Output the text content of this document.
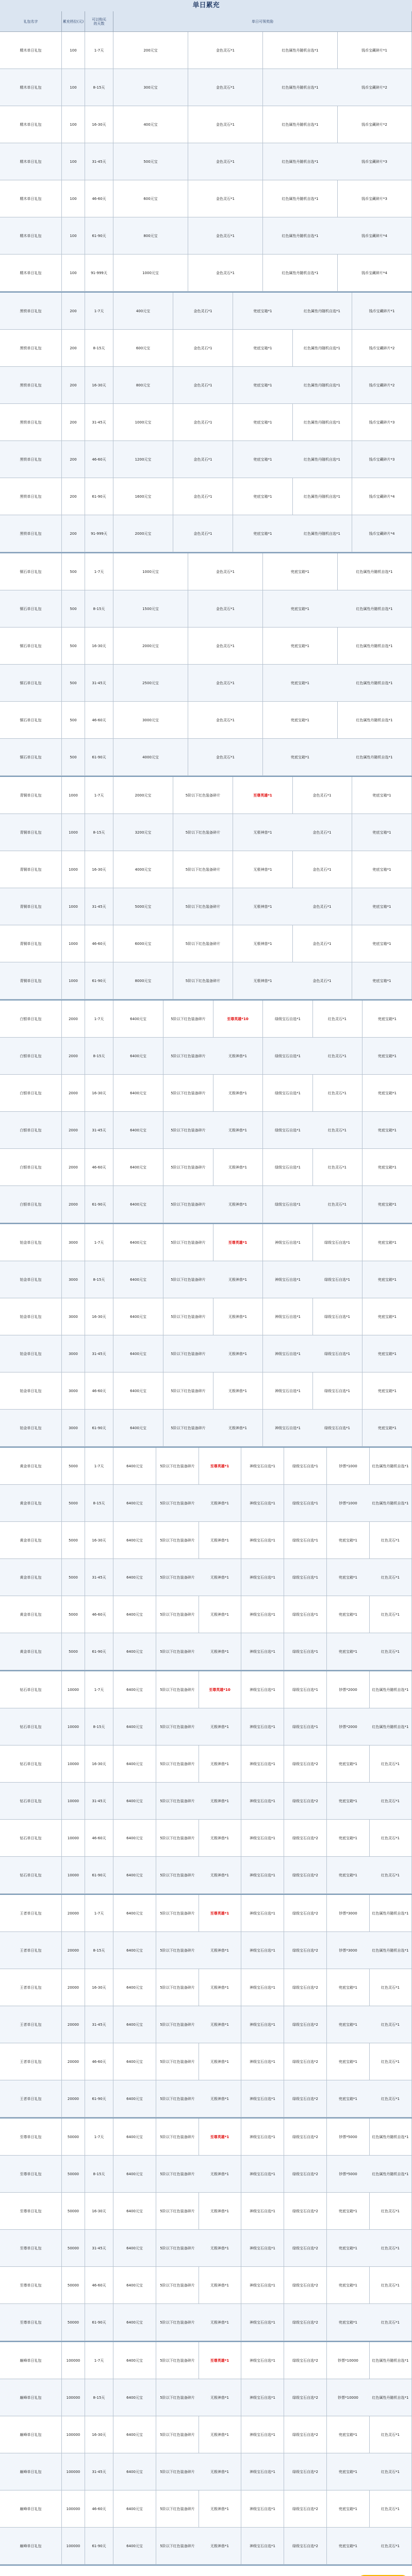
单日累充
礼包名字	累充档位(元)	可以购买
的天数	单日可领奖励
精木单日礼包	100	1-7天	200元宝	金色灵石*1	红色属性丹随机自选*1	钱币宝藏碎片*1
精木单日礼包	100	8-15天	300元宝	金色灵石*1	红色属性丹随机自选*1	钱币宝藏碎片*2
精木单日礼包	100	16-30天	400元宝	金色灵石*1	红色属性丹随机自选*1	钱币宝藏碎片*2
精木单日礼包	100	31-45天	500元宝	金色灵石*1	红色属性丹随机自选*1	钱币宝藏碎片*3
精木单日礼包	100	46-60天	600元宝	金色灵石*1	红色属性丹随机自选*1	钱币宝藏碎片*3
精木单日礼包	100	61-90天	800元宝	金色灵石*1	红色属性丹随机自选*1	钱币宝藏碎片*4
精木单日礼包	100	91-999天	1000元宝	金色灵石*1	红色属性丹随机自选*1	钱币宝藏碎片*4
黑铁单日礼包	200	1-7天	400元宝	金色灵石*1	兜底宝箱*1	红色属性丹随机自选*1	钱币宝藏碎片*1
黑铁单日礼包	200	8-15天	600元宝	金色灵石*1	兜底宝箱*1	红色属性丹随机自选*1	钱币宝藏碎片*2
黑铁单日礼包	200	16-30天	800元宝	金色灵石*1	兜底宝箱*1	红色属性丹随机自选*1	钱币宝藏碎片*2
黑铁单日礼包	200	31-45天	1000元宝	金色灵石*1	兜底宝箱*1	红色属性丹随机自选*1	钱币宝藏碎片*3
黑铁单日礼包	200	46-60天	1200元宝	金色灵石*1	兜底宝箱*1	红色属性丹随机自选*1	钱币宝藏碎片*3
黑铁单日礼包	200	61-90天	1600元宝	金色灵石*1	兜底宝箱*1	红色属性丹随机自选*1	钱币宝藏碎片*4
黑铁单日礼包	200	91-999天	2000元宝	金色灵石*1	兜底宝箱*1	红色属性丹随机自选*1	钱币宝藏碎片*4
铜石单日礼包	500	1-7天	1000元宝	金色灵石*1	兜底宝箱*1	红色属性丹随机自选*1
铜石单日礼包	500	8-15天	1500元宝	金色灵石*1	兜底宝箱*1	红色属性丹随机自选*1
铜石单日礼包	500	16-30天	2000元宝	金色灵石*1	兜底宝箱*1	红色属性丹随机自选*1
铜石单日礼包	500	31-45天	2500元宝	金色灵石*1	兜底宝箱*1	红色属性丹随机自选*1
铜石单日礼包	500	46-60天	3000元宝	金色灵石*1	兜底宝箱*1	红色属性丹随机自选*1
铜石单日礼包	500	61-90天	4000元宝	金色灵石*1	兜底宝箱*1	红色属性丹随机自选*1
青铜单日礼包	1000	1-7天	2000元宝	5阶以下红色装备碎片	至尊英雄*1	金色灵石*1	兜底宝箱*1
青铜单日礼包	1000	8-15天	3200元宝	5阶以下红色装备碎片	无极神兽*1	金色灵石*1	兜底宝箱*1
青铜单日礼包	1000	16-30天	4000元宝	5阶以下红色装备碎片	无极神兽*1	金色灵石*1	兜底宝箱*1
青铜单日礼包	1000	31-45天	5000元宝	5阶以下红色装备碎片	无极神兽*1	金色灵石*1	兜底宝箱*1
青铜单日礼包	1000	46-60天	6000元宝	5阶以下红色装备碎片	无极神兽*1	金色灵石*1	兜底宝箱*1
青铜单日礼包	1000	61-90天	8000元宝	5阶以下红色装备碎片	无极神兽*1	金色灵石*1	兜底宝箱*1
白银单日礼包	2000	1-7天	6400元宝	5阶以下红色装备碎片	至尊英雄*10	绿级宝石自选*1	红色灵石*1	兜底宝箱*1
白银单日礼包	2000	8-15天	6400元宝	5阶以下红色装备碎片	无极神兽*1	绿级宝石自选*1	红色灵石*1	兜底宝箱*1
白银单日礼包	2000	16-30天	6400元宝	5阶以下红色装备碎片	无极神兽*1	绿级宝石自选*1	红色灵石*1	兜底宝箱*1
白银单日礼包	2000	31-45天	6400元宝	5阶以下红色装备碎片	无极神兽*1	绿级宝石自选*1	红色灵石*1	兜底宝箱*1
白银单日礼包	2000	46-60天	6400元宝	5阶以下红色装备碎片	无极神兽*1	绿级宝石自选*1	红色灵石*1	兜底宝箱*1
白银单日礼包	2000	61-90天	6400元宝	5阶以下红色装备碎片	无极神兽*1	绿级宝石自选*1	红色灵石*1	兜底宝箱*1
铂金单日礼包	3000	1-7天	6400元宝	5阶以下红色装备碎片	至尊英雄*1	神级宝石自选*1	绿级宝石自选*1	兜底宝箱*1
铂金单日礼包	3000	8-15天	6400元宝	5阶以下红色装备碎片	无极神兽*1	神级宝石自选*1	绿级宝石自选*1	兜底宝箱*1
铂金单日礼包	3000	16-30天	6400元宝	5阶以下红色装备碎片	无极神兽*1	神级宝石自选*1	绿级宝石自选*1	兜底宝箱*1
铂金单日礼包	3000	31-45天	6400元宝	5阶以下红色装备碎片	无极神兽*1	神级宝石自选*1	绿级宝石自选*1	兜底宝箱*1
铂金单日礼包	3000	46-60天	6400元宝	5阶以下红色装备碎片	无极神兽*1	神级宝石自选*1	绿级宝石自选*1	兜底宝箱*1
铂金单日礼包	3000	61-90天	6400元宝	5阶以下红色装备碎片	无极神兽*1	神级宝石自选*1	绿级宝石自选*1	兜底宝箱*1
黄金单日礼包	5000	1-7天	6400元宝	5阶以下红色装备碎片	至尊英雄*1	神级宝石自选*1	绿级宝石自选*1	钞票*1000	红色属性丹随机自选*1
黄金单日礼包	5000	8-15天	6400元宝	5阶以下红色装备碎片	无极神兽*1	神级宝石自选*1	绿级宝石自选*1	钞票*1000	红色属性丹随机自选*1
黄金单日礼包	5000	16-30天	6400元宝	5阶以下红色装备碎片	无极神兽*1	神级宝石自选*1	绿级宝石自选*1	兜底宝箱*1	红色灵石*1
黄金单日礼包	5000	31-45天	6400元宝	5阶以下红色装备碎片	无极神兽*1	神级宝石自选*1	绿级宝石自选*1	兜底宝箱*1	红色灵石*1
黄金单日礼包	5000	46-60天	6400元宝	5阶以下红色装备碎片	无极神兽*1	神级宝石自选*1	绿级宝石自选*1	兜底宝箱*1	红色灵石*1
黄金单日礼包	5000	61-90天	6400元宝	5阶以下红色装备碎片	无极神兽*1	神级宝石自选*1	绿级宝石自选*1	兜底宝箱*1	红色灵石*1
钻石单日礼包	10000	1-7天	6400元宝	5阶以下红色装备碎片	至尊英雄*10	神级宝石自选*1	绿级宝石自选*1	钞票*2000	红色属性丹随机自选*1
钻石单日礼包	10000	8-15天	6400元宝	5阶以下红色装备碎片	无极神兽*1	神级宝石自选*1	绿级宝石自选*1	钞票*2000	红色属性丹随机自选*1
钻石单日礼包	10000	16-30天	6400元宝	5阶以下红色装备碎片	无极神兽*1	神级宝石自选*1	绿级宝石自选*2	兜底宝箱*1	红色灵石*1
钻石单日礼包	10000	31-45天	6400元宝	5阶以下红色装备碎片	无极神兽*1	神级宝石自选*1	绿级宝石自选*2	兜底宝箱*1	红色灵石*1
钻石单日礼包	10000	46-60天	6400元宝	5阶以下红色装备碎片	无极神兽*1	神级宝石自选*1	绿级宝石自选*2	兜底宝箱*1	红色灵石*1
钻石单日礼包	10000	61-90天	6400元宝	5阶以下红色装备碎片	无极神兽*1	神级宝石自选*1	绿级宝石自选*2	兜底宝箱*1	红色灵石*1
王者单日礼包	20000	1-7天	6400元宝	5阶以下红色装备碎片	至尊英雄*1	神级宝石自选*1	绿级宝石自选*2	钞票*3000	红色属性丹随机自选*1
王者单日礼包	20000	8-15天	6400元宝	5阶以下红色装备碎片	无极神兽*1	神级宝石自选*1	绿级宝石自选*2	钞票*3000	红色属性丹随机自选*1
王者单日礼包	20000	16-30天	6400元宝	5阶以下红色装备碎片	无极神兽*1	神级宝石自选*1	绿级宝石自选*2	兜底宝箱*1	红色灵石*1
王者单日礼包	20000	31-45天	6400元宝	5阶以下红色装备碎片	无极神兽*1	神级宝石自选*1	绿级宝石自选*2	兜底宝箱*1	红色灵石*1
王者单日礼包	20000	46-60天	6400元宝	5阶以下红色装备碎片	无极神兽*1	神级宝石自选*1	绿级宝石自选*2	兜底宝箱*1	红色灵石*1
王者单日礼包	20000	61-90天	6400元宝	5阶以下红色装备碎片	无极神兽*1	神级宝石自选*1	绿级宝石自选*2	兜底宝箱*1	红色灵石*1
至尊单日礼包	50000	1-7天	6400元宝	5阶以下红色装备碎片	至尊英雄*1	神级宝石自选*1	绿级宝石自选*2	钞票*5000	红色属性丹随机自选*1
至尊单日礼包	50000	8-15天	6400元宝	5阶以下红色装备碎片	无极神兽*1	神级宝石自选*1	绿级宝石自选*2	钞票*5000	红色属性丹随机自选*1
至尊单日礼包	50000	16-30天	6400元宝	5阶以下红色装备碎片	无极神兽*1	神级宝石自选*1	绿级宝石自选*2	兜底宝箱*1	红色灵石*1
至尊单日礼包	50000	31-45天	6400元宝	5阶以下红色装备碎片	无极神兽*1	神级宝石自选*1	绿级宝石自选*2	兜底宝箱*1	红色灵石*1
至尊单日礼包	50000	46-60天	6400元宝	5阶以下红色装备碎片	无极神兽*1	神级宝石自选*1	绿级宝石自选*2	兜底宝箱*1	红色灵石*1
至尊单日礼包	50000	61-90天	6400元宝	5阶以下红色装备碎片	无极神兽*1	神级宝石自选*1	绿级宝石自选*2	兜底宝箱*1	红色灵石*1
巅峰单日礼包	100000	1-7天	6400元宝	5阶以下红色装备碎片	至尊英雄*1	神级宝石自选*1	绿级宝石自选*2	钞票*10000	红色属性丹随机自选*1
巅峰单日礼包	100000	8-15天	6400元宝	5阶以下红色装备碎片	无极神兽*1	神级宝石自选*1	绿级宝石自选*2	钞票*10000	红色属性丹随机自选*1
巅峰单日礼包	100000	16-30天	6400元宝	5阶以下红色装备碎片	无极神兽*1	神级宝石自选*1	绿级宝石自选*2	兜底宝箱*1	红色灵石*1
巅峰单日礼包	100000	31-45天	6400元宝	5阶以下红色装备碎片	无极神兽*1	神级宝石自选*1	绿级宝石自选*2	兜底宝箱*1	红色灵石*1
巅峰单日礼包	100000	46-60天	6400元宝	5阶以下红色装备碎片	无极神兽*1	神级宝石自选*1	绿级宝石自选*2	兜底宝箱*1	红色灵石*1
巅峰单日礼包	100000	61-90天	6400元宝	5阶以下红色装备碎片	无极神兽*1	神级宝石自选*1	绿级宝石自选*2	兜底宝箱*1	红色灵石*1
